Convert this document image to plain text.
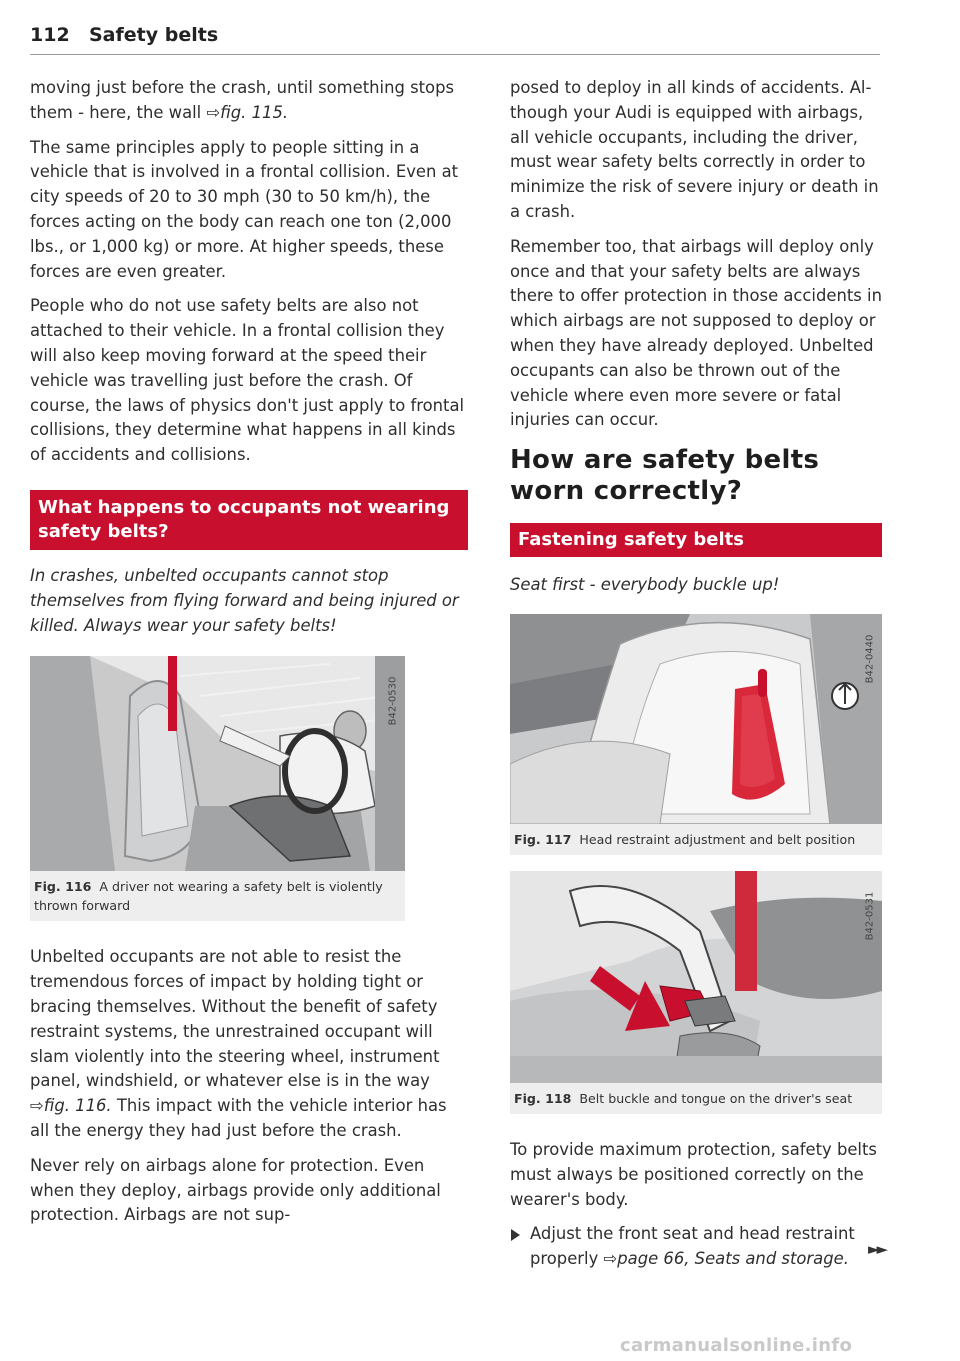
112 Safety belts

moving just before the crash, until something stops them - here, the wall ⇨fig. 115.

The same principles apply to people sitting in a vehicle that is involved in a frontal collision. Even at city speeds of 20 to 30 mph (30 to 50 km/h), the forces acting on the body can reach one ton (2,000 lbs., or 1,000 kg) or more. At higher speeds, these forces are even greater.

People who do not use safety belts are also not attached to their vehicle. In a frontal collision they will also keep moving forward at the speed their vehicle was travelling just before the crash. Of course, the laws of physics don't just apply to frontal collisions, they determine what happens in all kinds of accidents and collisions.

What happens to occupants not wearing safety belts?

In crashes, unbelted occupants cannot stop themselves from flying forward and being injured or killed. Always wear your safety belts!

B42-0530
Fig. 116 A driver not wearing a safety belt is violently thrown forward

Unbelted occupants are not able to resist the tremendous forces of impact by holding tight or bracing themselves. Without the benefit of safety restraint systems, the unrestrained occupant will slam violently into the steering wheel, instrument panel, windshield, or whatever else is in the way ⇨fig. 116. This impact with the vehicle interior has all the energy they had just before the crash.

Never rely on airbags alone for protection. Even when they deploy, airbags provide only additional protection. Airbags are not sup-

posed to deploy in all kinds of accidents. Although your Audi is equipped with airbags, all vehicle occupants, including the driver, must wear safety belts correctly in order to minimize the risk of severe injury or death in a crash.

Remember too, that airbags will deploy only once and that your safety belts are always there to offer protection in those accidents in which airbags are not supposed to deploy or when they have already deployed. Unbelted occupants can also be thrown out of the vehicle where even more severe or fatal injuries can occur.

How are safety belts worn correctly?
Fastening safety belts

Seat first - everybody buckle up!

B42-0440
Fig. 117 Head restraint adjustment and belt position
B42-0531
Fig. 118 Belt buckle and tongue on the driver's seat

To provide maximum protection, safety belts must always be positioned correctly on the wearer's body.

Adjust the front seat and head restraint properly ⇨page 66, Seats and storage.

►►
carmanualsonline.info
